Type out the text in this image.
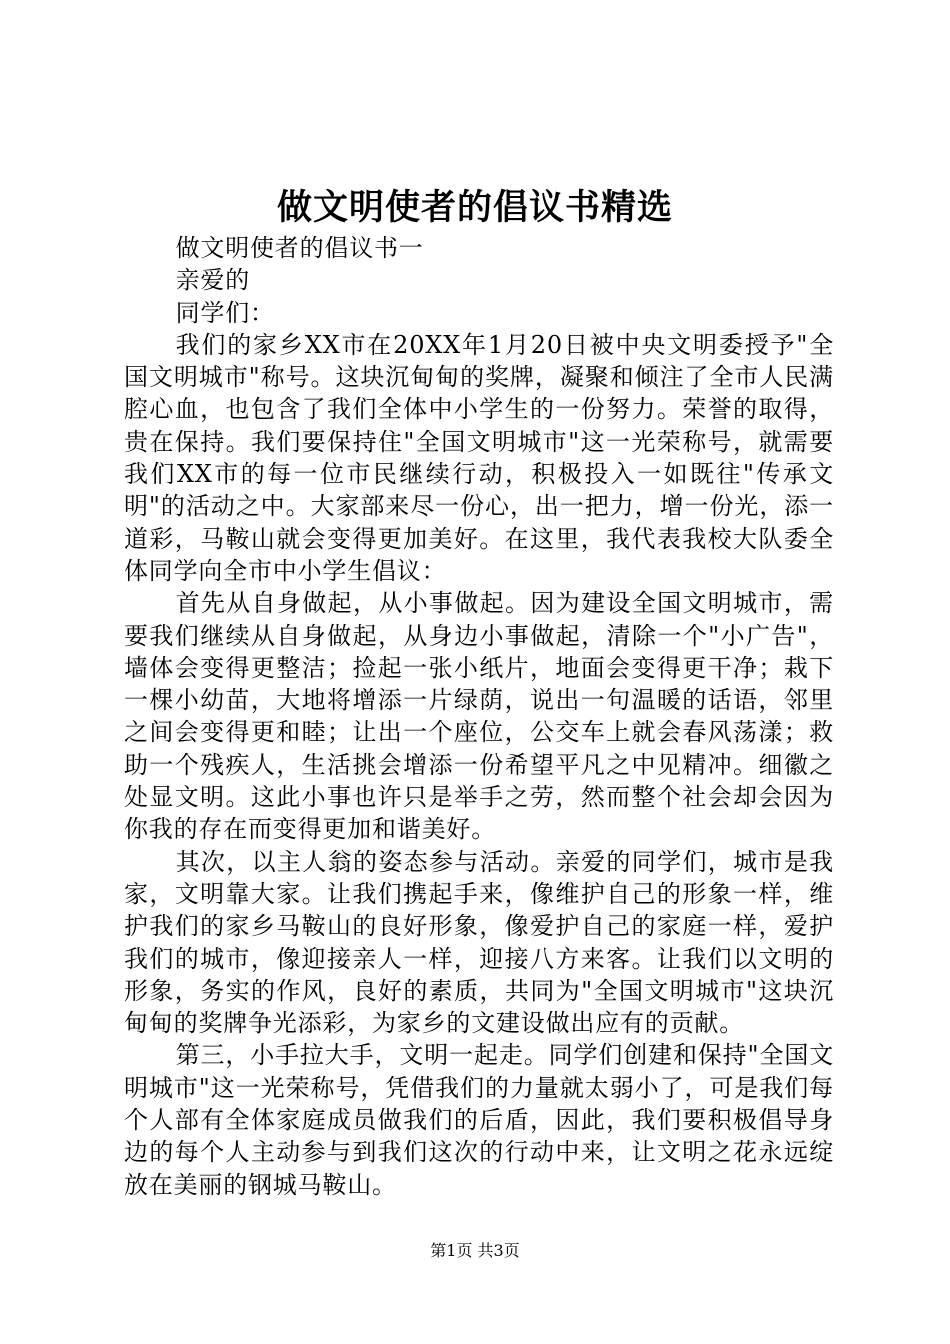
做文明使者的倡议书精选

做文明使者的倡议书一

亲爱的

同学们：

我们的家乡XX市在20XX年1月20日被中央文明委授予"全国文明城市"称号。这块沉甸甸的奖牌，凝聚和倾注了全市人民满腔心血，也包含了我们全体中小学生的一份努力。荣誉的取得，贵在保持。我们要保持住"全国文明城市"这一光荣称号，就需要我们XX市的每一位市民继续行动，积极投入一如既往"传承文明"的活动之中。大家部来尽一份心，出一把力，增一份光，添一道彩，马鞍山就会变得更加美好。在这里，我代表我校大队委全体同学向全市中小学生倡议：

首先从自身做起，从小事做起。因为建设全国文明城市，需要我们继续从自身做起，从身边小事做起，清除一个"小广告"，墙体会变得更整洁；捡起一张小纸片，地面会变得更干净；栽下一棵小幼苗，大地将增添一片绿荫，说出一句温暖的话语，邻里之间会变得更和睦；让出一个座位，公交车上就会春风荡漾；救助一个残疾人，生活挑会增添一份希望平凡之中见精冲。细徽之处显文明。这此小事也许只是举手之劳，然而整个社会却会因为你我的存在而变得更加和谐美好。

其次，以主人翁的姿态参与活动。亲爱的同学们，城市是我家，文明靠大家。让我们携起手来，像维护自己的形象一样，维护我们的家乡马鞍山的良好形象，像爱护自己的家庭一样，爱护我们的城市，像迎接亲人一样，迎接八方来客。让我们以文明的形象，务实的作风，良好的素质，共同为"全国文明城市"这块沉甸甸的奖牌争光添彩，为家乡的文建设做出应有的贡献。

第三，小手拉大手，文明一起走。同学们创建和保持"全国文明城市"这一光荣称号，凭借我们的力量就太弱小了，可是我们每个人部有全体家庭成员做我们的后盾，因此，我们要积极倡导身边的每个人主动参与到我们这次的行动中来，让文明之花永远绽放在美丽的钢城马鞍山。

第1页 共3页
